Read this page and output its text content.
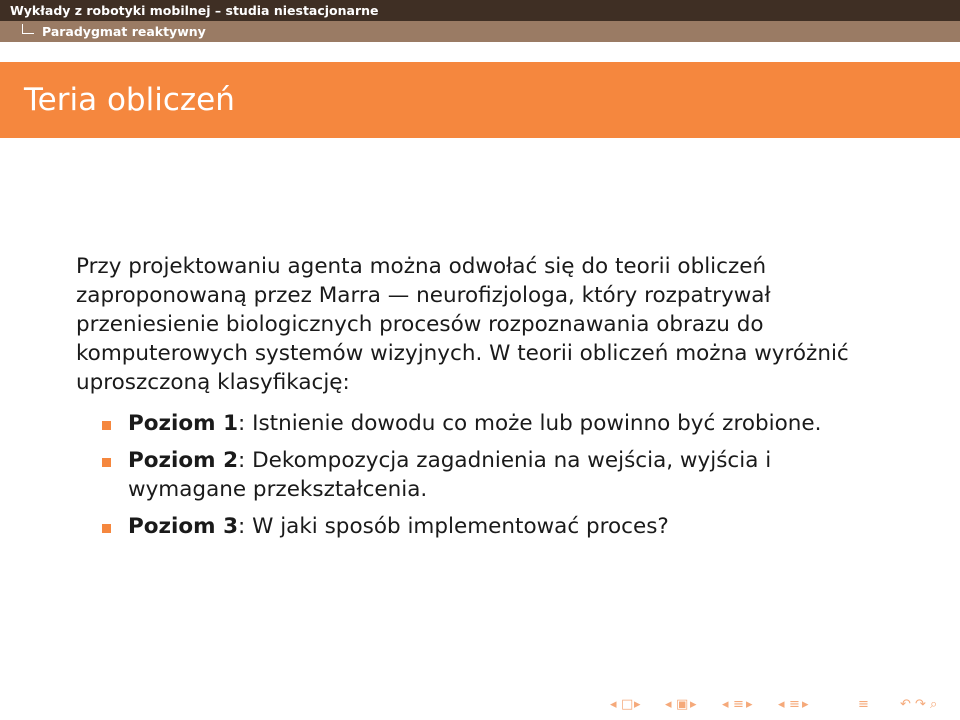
Wykłady z robotyki mobilnej – studia niestacjonarne
Paradygmat reaktywny
Teria obliczeń

Przy projektowaniu agenta można odwołać się do teorii obliczeń zaproponowaną przez Marra — neurofizjologa, który rozpatrywał przeniesienie biologicznych procesów rozpoznawania obrazu do komputerowych systemów wizyjnych. W teorii obliczeń można wyróżnić uproszczoną klasyfikację:

Poziom 1: Istnienie dowodu co może lub powinno być zrobione.
Poziom 2: Dekompozycja zagadnienia na wejścia, wyjścia i wymagane przekształcenia.
Poziom 3: W jaki sposób implementować proces?
◂ □ ▸ ◂ ▣ ▸ ◂ ≡ ▸ ◂ ≡ ▸	≡ ↶ ↷ ⌕
